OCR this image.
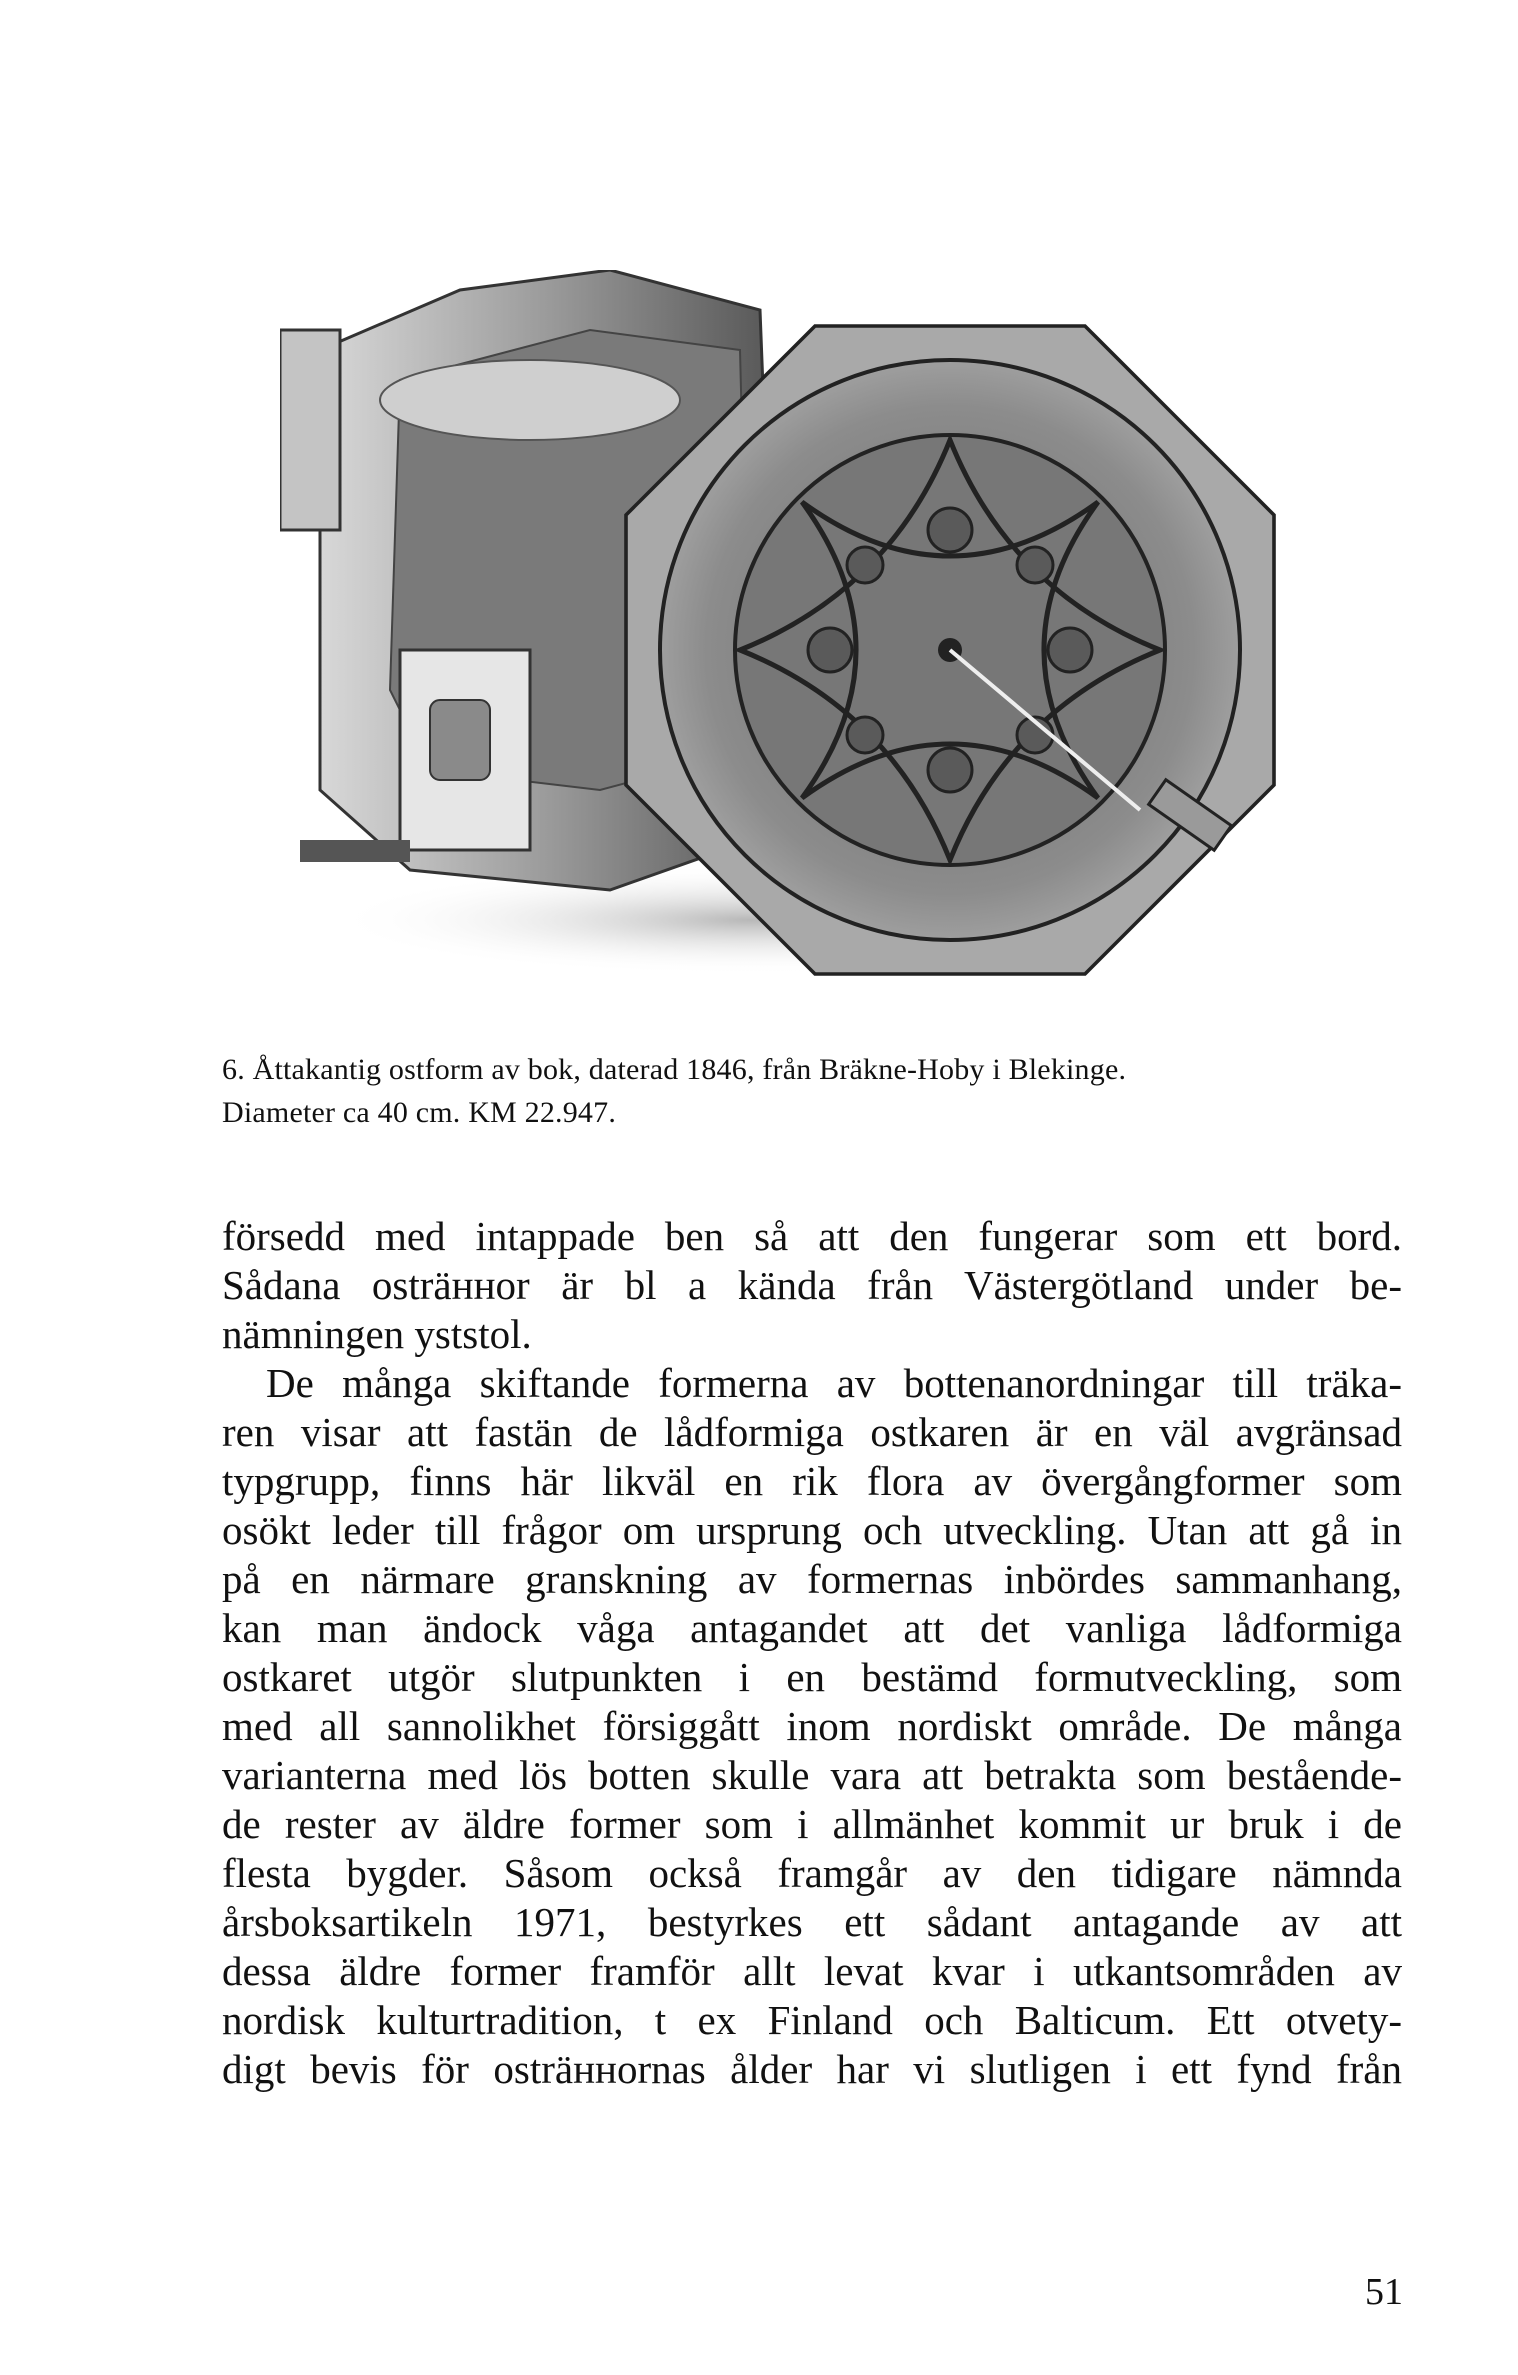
6. Åttakantig ostform av bok, daterad 1846, från Bräkne-Hoby i Blekinge.
Diameter ca 40 cm. KM 22.947.
försedd med intappade ben så att den fungerar som ett bord.
Sådana osträннor är bl a kända från Västergötland under be-
nämningen yststol.
De många skiftande formerna av bottenanordningar till träka-
ren visar att fastän de lådformiga ostkaren är en väl avgränsad
typgrupp, finns här likväl en rik flora av övergångformer som
osökt leder till frågor om ursprung och utveckling. Utan att gå in
på en närmare granskning av formernas inbördes sammanhang,
kan man ändock våga antagandet att det vanliga lådformiga
ostkaret utgör slutpunkten i en bestämd formutveckling, som
med all sannolikhet försiggått inom nordiskt område. De många
varianterna med lös botten skulle vara att betrakta som bestående-
de rester av äldre former som i allmänhet kommit ur bruk i de
flesta bygder. Såsom också framgår av den tidigare nämnda
årsboksartikeln 1971, bestyrkes ett sådant antagande av att
dessa äldre former framför allt levat kvar i utkantsområden av
nordisk kulturtradition, t ex Finland och Balticum. Ett otvety-
digt bevis för osträннornas ålder har vi slutligen i ett fynd från
51
